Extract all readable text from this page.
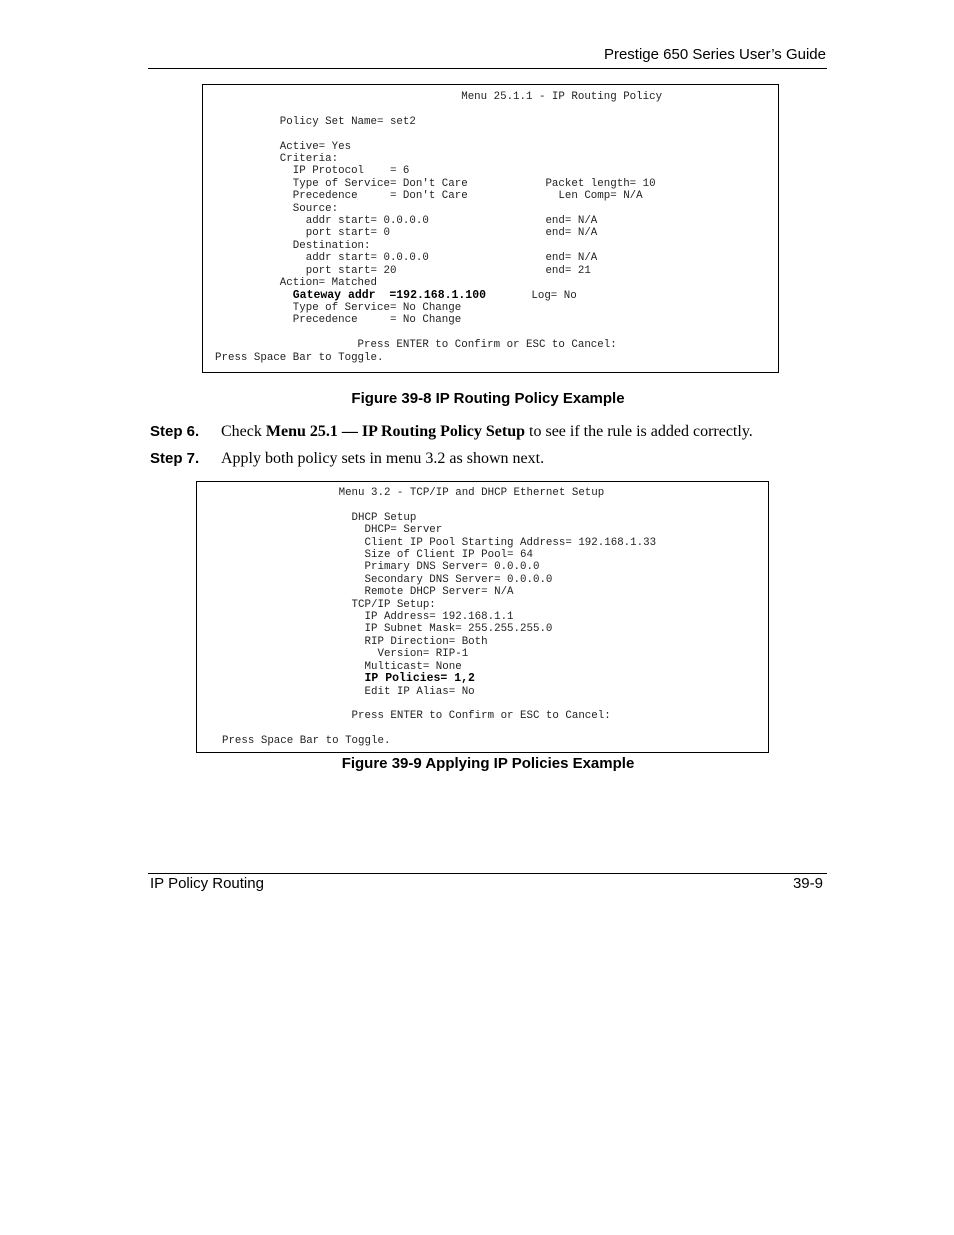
Prestige 650 Series User’s Guide
Menu 25.1.1 - IP Routing Policy

Policy Set Name= set2

Active= Yes
Criteria:
IP Protocol    = 6
Type of Service= Don't Care            Packet length= 10
Precedence     = Don't Care              Len Comp= N/A
Source:
addr start= 0.0.0.0                  end= N/A
port start= 0                        end= N/A
Destination:
addr start= 0.0.0.0                  end= N/A
port start= 20                       end= 21
Action= Matched
Gateway addr  =192.168.1.100	Log= No
Type of Service= No Change
Precedence     = No Change

Press ENTER to Confirm or ESC to Cancel:
Press Space Bar to Toggle.
Figure 39-8 IP Routing Policy Example
Step 6. Check Menu 25.1 — IP Routing Policy Setup to see if the rule is added correctly.
Step 7. Apply both policy sets in menu 3.2 as shown next.
Menu 3.2 - TCP/IP and DHCP Ethernet Setup

DHCP Setup
DHCP= Server
Client IP Pool Starting Address= 192.168.1.33
Size of Client IP Pool= 64
Primary DNS Server= 0.0.0.0
Secondary DNS Server= 0.0.0.0
Remote DHCP Server= N/A
TCP/IP Setup:
IP Address= 192.168.1.1
IP Subnet Mask= 255.255.255.0
RIP Direction= Both
Version= RIP-1
Multicast= None
IP Policies= 1,2
Edit IP Alias= No

Press ENTER to Confirm or ESC to Cancel:

Press Space Bar to Toggle.
Figure 39-9 Applying IP Policies Example
IP Policy Routing	39-9
